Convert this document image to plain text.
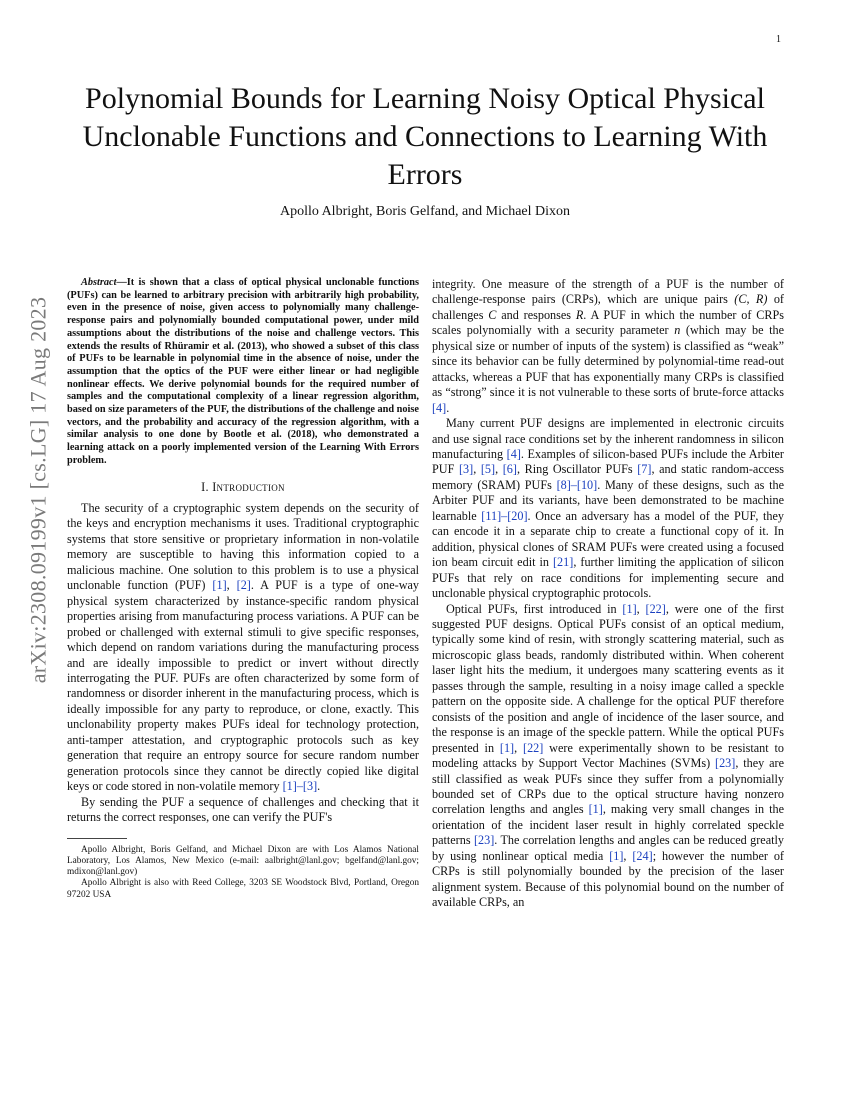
1
arXiv:2308.09199v1 [cs.LG] 17 Aug 2023
Polynomial Bounds for Learning Noisy Optical Physical Unclonable Functions and Connections to Learning With Errors
Apollo Albright, Boris Gelfand, and Michael Dixon

Abstract—It is shown that a class of optical physical unclonable functions (PUFs) can be learned to arbitrary precision with arbitrarily high probability, even in the presence of noise, given access to polynomially many challenge-response pairs and polynomially bounded computational power, under mild assumptions about the distributions of the noise and challenge vectors. This extends the results of Rhüramir et al. (2013), who showed a subset of this class of PUFs to be learnable in polynomial time in the absence of noise, under the assumption that the optics of the PUF were either linear or had negligible nonlinear effects. We derive polynomial bounds for the required number of samples and the computational complexity of a linear regression algorithm, based on size parameters of the PUF, the distributions of the challenge and noise vectors, and the probability and accuracy of the regression algorithm, with a similar analysis to one done by Bootle et al. (2018), who demonstrated a learning attack on a poorly implemented version of the Learning With Errors problem.

I. Introduction

The security of a cryptographic system depends on the security of the keys and encryption mechanisms it uses. Traditional cryptographic systems that store sensitive or proprietary information in non-volatile memory are susceptible to having this information copied to a malicious machine. One solution to this problem is to use a physical unclonable function (PUF) [1], [2]. A PUF is a type of one-way physical system characterized by instance-specific random physical properties arising from manufacturing process variations. A PUF can be probed or challenged with external stimuli to give specific responses, which depend on random variations during the manufacturing process and are ideally impossible to predict or invert without directly interrogating the PUF. PUFs are often characterized by some form of randomness or disorder inherent in the manufacturing process, which is ideally impossible for any party to reproduce, or clone, exactly. This unclonability property makes PUFs ideal for technology protection, anti-tamper attestation, and cryptographic protocols such as key generation that require an entropy source for secure random number generation protocols since they cannot be directly copied like digital keys or code stored in non-volatile memory [1]–[3].

By sending the PUF a sequence of challenges and checking that it returns the correct responses, one can verify the PUF's

Apollo Albright, Boris Gelfand, and Michael Dixon are with Los Alamos National Laboratory, Los Alamos, New Mexico (e-mail: aalbright@lanl.gov; bgelfand@lanl.gov; mdixon@lanl.gov)

Apollo Albright is also with Reed College, 3203 SE Woodstock Blvd, Portland, Oregon 97202 USA

integrity. One measure of the strength of a PUF is the number of challenge-response pairs (CRPs), which are unique pairs (C, R) of challenges C and responses R. A PUF in which the number of CRPs scales polynomially with a security parameter n (which may be the physical size or number of inputs of the system) is classified as “weak” since its behavior can be fully determined by polynomial-time read-out attacks, whereas a PUF that has exponentially many CRPs is classified as “strong” since it is not vulnerable to these sorts of brute-force attacks [4].

Many current PUF designs are implemented in electronic circuits and use signal race conditions set by the inherent randomness in silicon manufacturing [4]. Examples of silicon-based PUFs include the Arbiter PUF [3], [5], [6], Ring Oscillator PUFs [7], and static random-access memory (SRAM) PUFs [8]–[10]. Many of these designs, such as the Arbiter PUF and its variants, have been demonstrated to be machine learnable [11]–[20]. Once an adversary has a model of the PUF, they can encode it in a separate chip to create a functional copy of it. In addition, physical clones of SRAM PUFs were created using a focused ion beam circuit edit in [21], further limiting the application of silicon PUFs that rely on race conditions for implementing secure and unclonable physical cryptographic protocols.

Optical PUFs, first introduced in [1], [22], were one of the first suggested PUF designs. Optical PUFs consist of an optical medium, typically some kind of resin, with strongly scattering material, such as microscopic glass beads, randomly distributed within. When coherent laser light hits the medium, it undergoes many scattering events as it passes through the sample, resulting in a noisy image called a speckle pattern on the opposite side. A challenge for the optical PUF therefore consists of the position and angle of incidence of the laser source, and the response is an image of the speckle pattern. While the optical PUFs presented in [1], [22] were experimentally shown to be resistant to modeling attacks by Support Vector Machines (SVMs) [23], they are still classified as weak PUFs since they suffer from a polynomially bounded set of CRPs due to the optical structure having nonzero correlation lengths and angles [1], making very small changes in the orientation of the incident laser result in highly correlated speckle patterns [23]. The correlation lengths and angles can be reduced greatly by using nonlinear optical media [1], [24]; however the number of CRPs is still polynomially bounded by the precision of the laser alignment system. Because of this polynomial bound on the number of available CRPs, an
